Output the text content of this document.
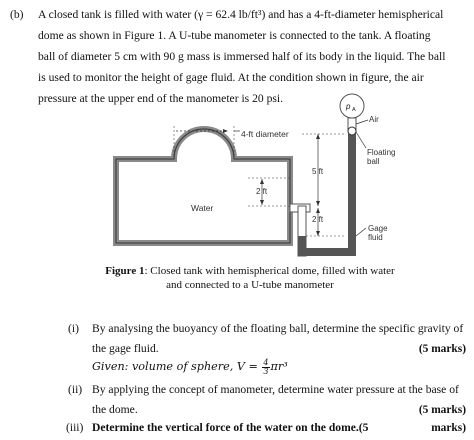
(b) A closed tank is filled with water (γ = 62.4 lb/ft³) and has a 4-ft-diameter hemispherical
dome as shown in Figure 1. A U-tube manometer is connected to the tank. A floating
ball of diameter 5 cm with 90 g mass is immersed half of its body in the liquid. The ball
is used to monitor the height of gage fluid. At the condition shown in figure, the air
pressure at the upper end of the manometer is 20 psi.
p A
Air
Floating
ball
Gage
fluid
4-ft diameter
Water
2 ft
5 ft
2 ft
Figure 1: Closed tank with hemispherical dome, filled with water
and connected to a U-tube manometer
(i) By analysing the buoyancy of the floating ball, determine the specific gravity of
the gage fluid.	(5 marks)
Given: volume of sphere, $V = \frac{4}{3} \pi r^3$
(ii) By applying the concept of manometer, determine water pressure at the base of
the dome.	(5 marks)
(iii) Determine the vertical force of the water on the dome.(5	marks)
